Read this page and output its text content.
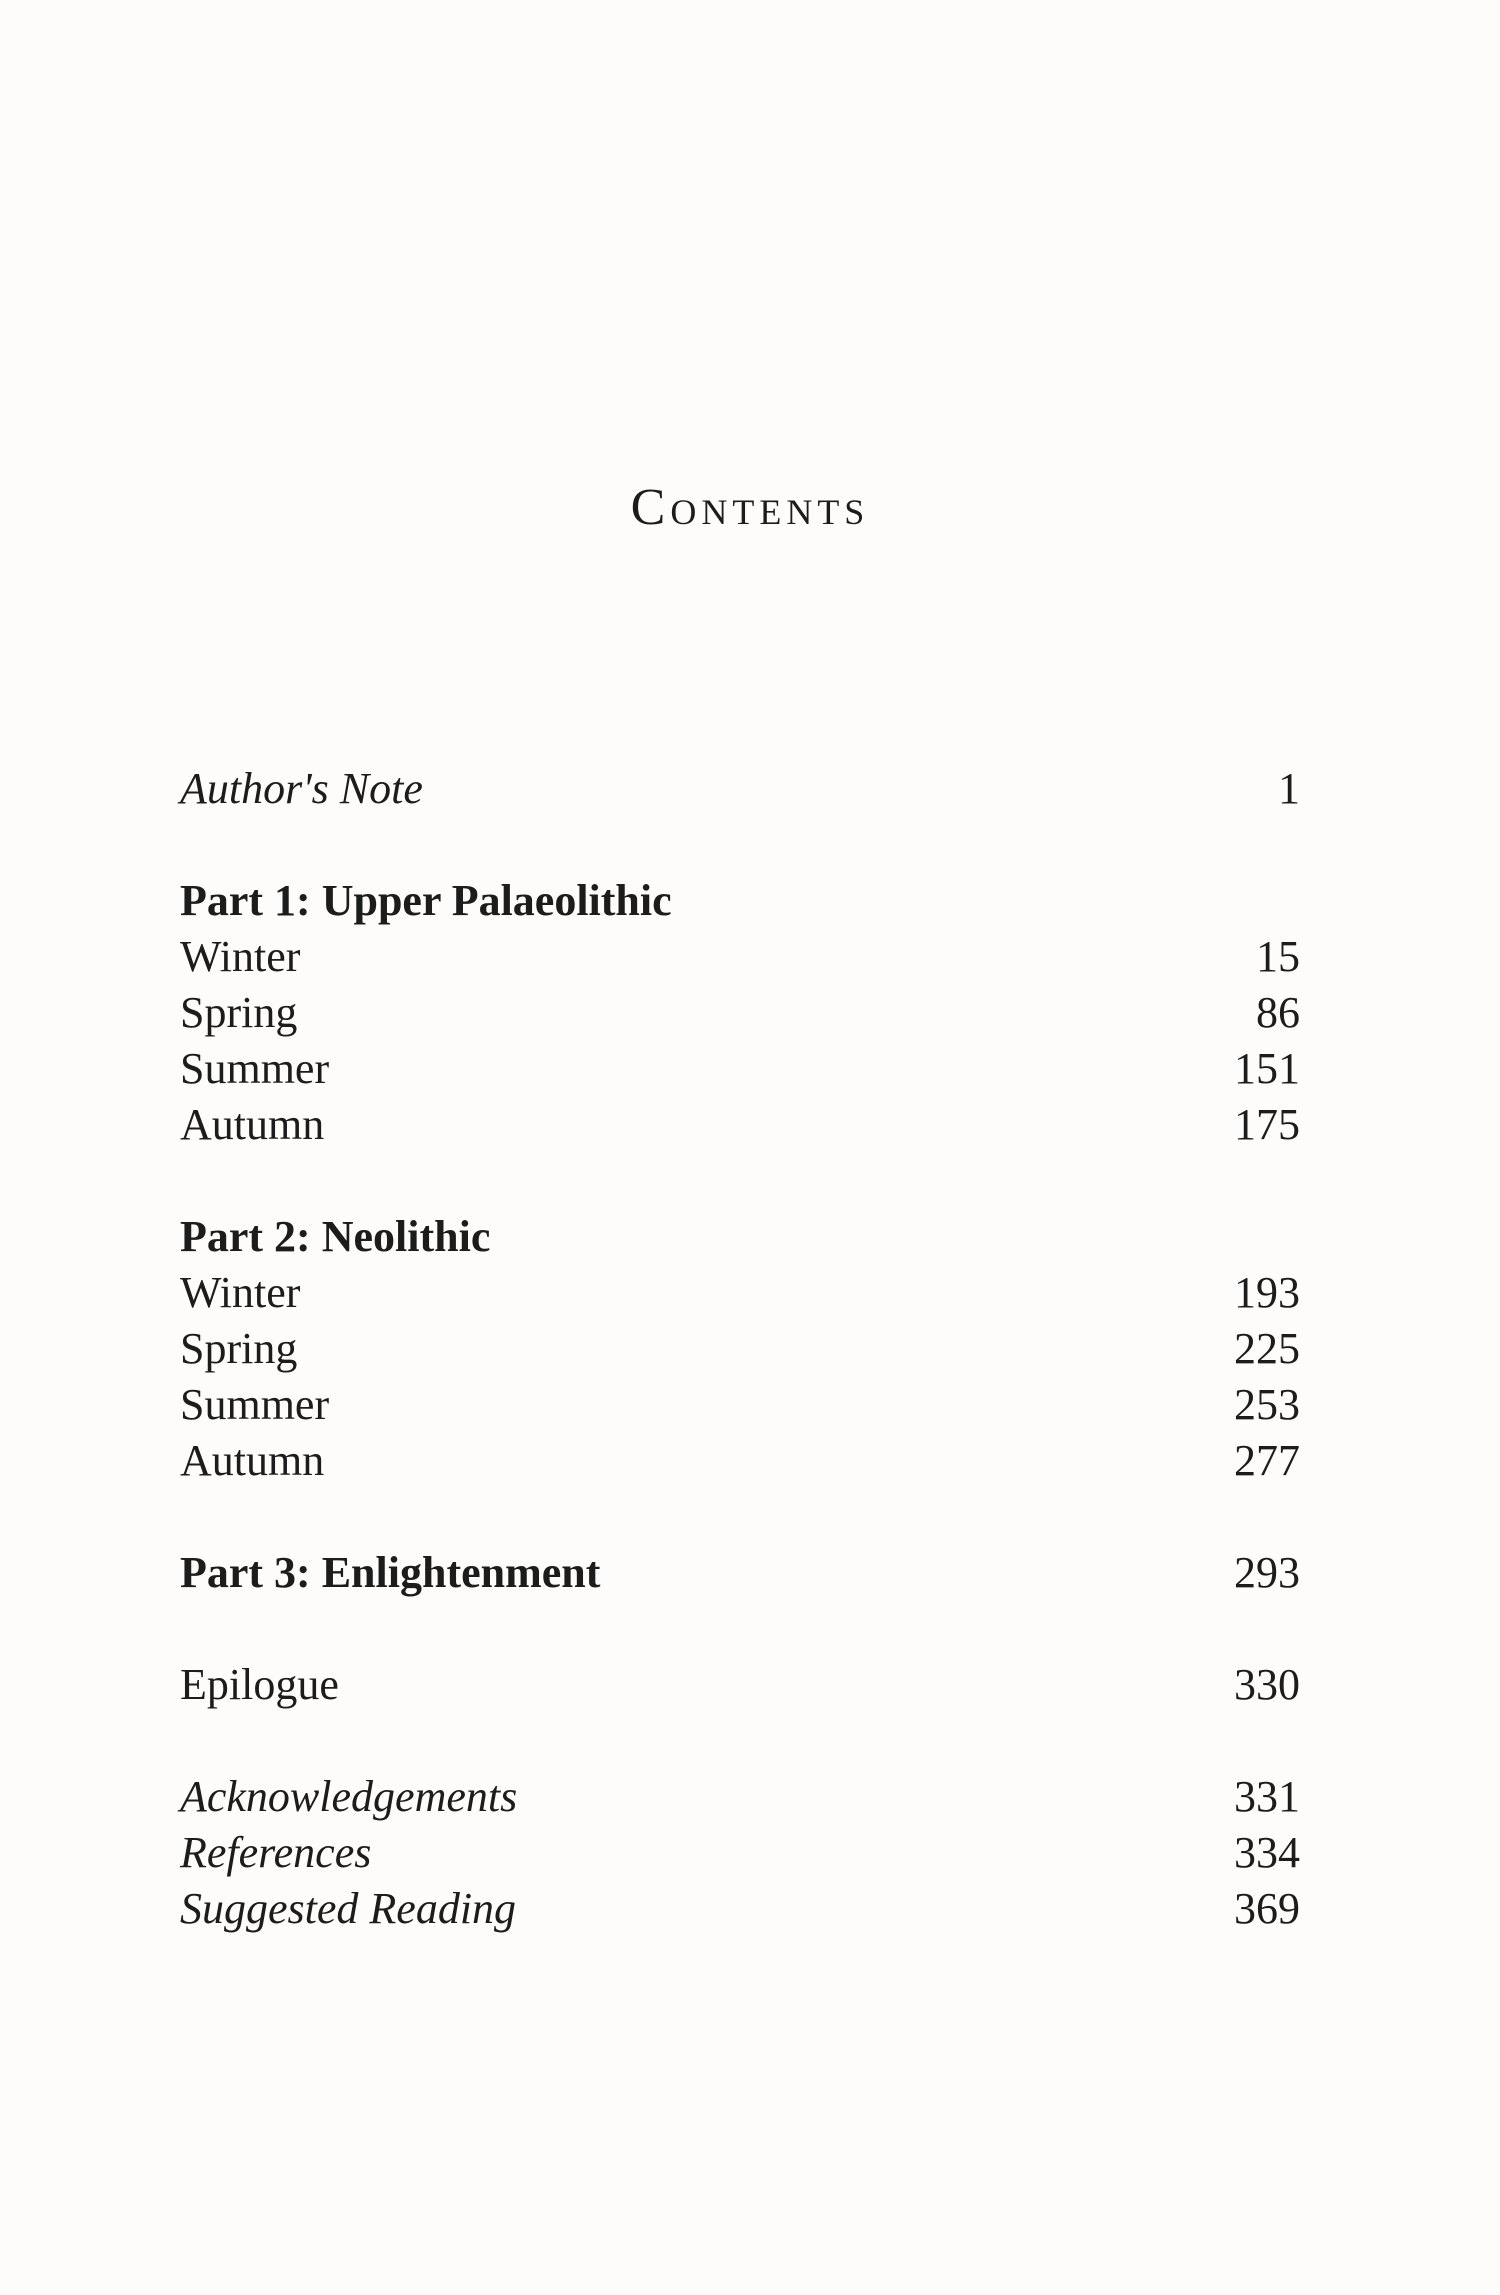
Contents
Author's Note	1
Part 1: Upper Palaeolithic
Winter	15
Spring	86
Summer	151
Autumn	175
Part 2: Neolithic
Winter	193
Spring	225
Summer	253
Autumn	277
Part 3: Enlightenment	293
Epilogue	330
Acknowledgements	331
References	334
Suggested Reading	369
